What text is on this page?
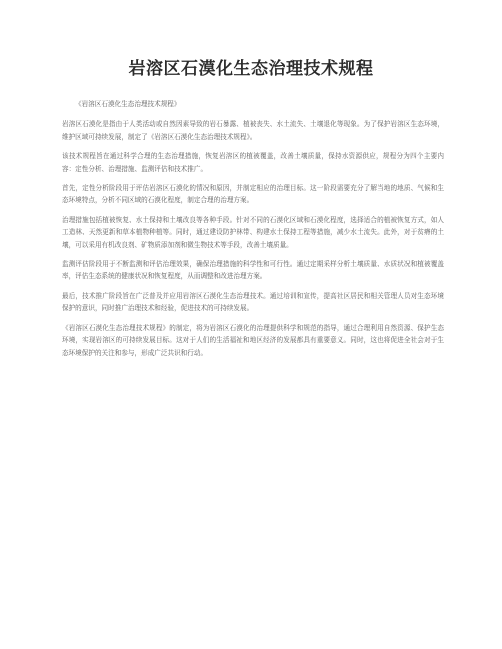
岩溶区石漠化生态治理技术规程

《岩溶区石漠化生态治理技术规程》

岩溶区石漠化是指由于人类活动或自然因素导致的岩石暴露、植被丧失、水土流失、土壤退化等现象。为了保护岩溶区生态环境，维护区域可持续发展，制定了《岩溶区石漠化生态治理技术规程》。

该技术规程旨在通过科学合理的生态治理措施，恢复岩溶区的植被覆盖，改善土壤质量，保持水资源供应，规程分为四个主要内容：定性分析、治理措施、监测评估和技术推广。

首先，定性分析阶段用于评估岩溶区石漠化的情况和原因，并制定相应的治理目标。这一阶段需要充分了解当地的地质、气候和生态环境特点，分析不同区域的石漠化程度，制定合理的治理方案。

治理措施包括植被恢复、水土保持和土壤改良等各种手段。针对不同的石漠化区域和石漠化程度，选择适合的植被恢复方式，如人工造林、天然更新和草本植物种植等。同时，通过建设防护林带、构建水土保持工程等措施，减少水土流失。此外，对于贫瘠的土壤，可以采用有机改良剂、矿物质添加剂和微生物技术等手段，改善土壤质量。

监测评估阶段用于不断监测和评估治理效果，确保治理措施的科学性和可行性。通过定期采样分析土壤质量、水质状况和植被覆盖率，评估生态系统的健康状况和恢复程度，从而调整和改进治理方案。

最后，技术推广阶段旨在广泛普及并应用岩溶区石漠化生态治理技术。通过培训和宣传，提高社区居民和相关管理人员对生态环境保护的意识，同时推广治理技术和经验，促进技术的可持续发展。

《岩溶区石漠化生态治理技术规程》的制定，将为岩溶区石漠化的治理提供科学和规范的指导，通过合理利用自然资源、保护生态环境，实现岩溶区的可持续发展目标。这对于人们的生活福祉和地区经济的发展都具有重要意义。同时，这也将促进全社会对于生态环境保护的关注和参与，形成广泛共识和行动。
